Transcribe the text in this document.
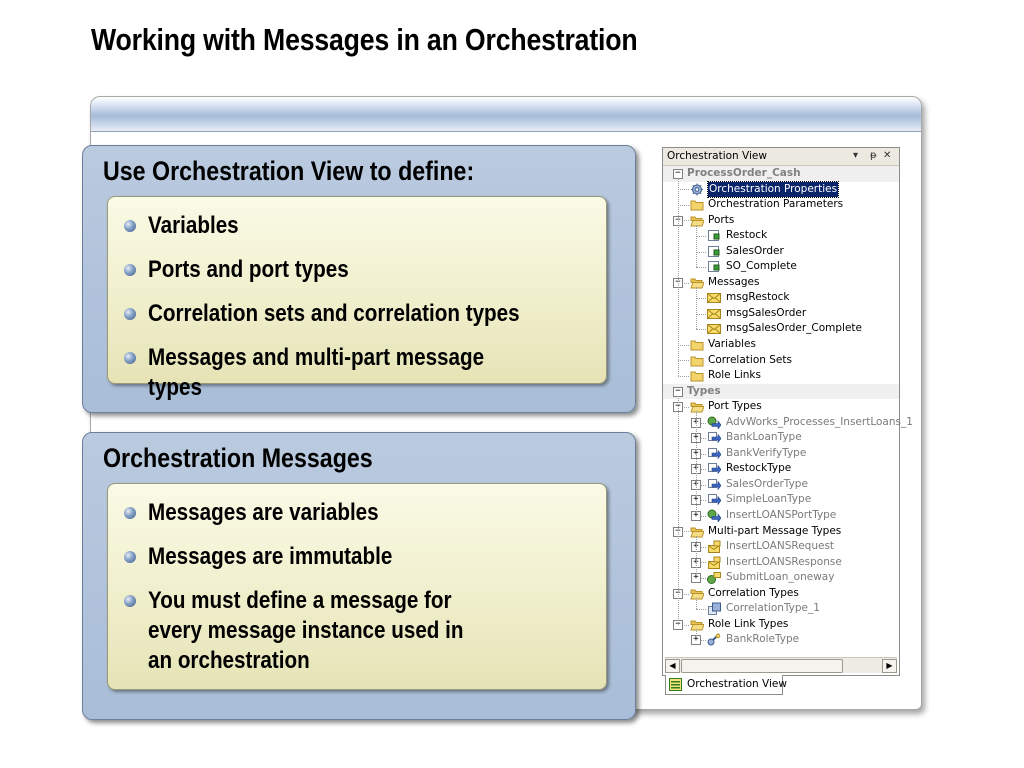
Working with Messages in an Orchestration
Use Orchestration View to define:
Variables
Ports and port types
Correlation sets and correlation types
Messages and multi-part message types
Orchestration Messages
Messages are variables
Messages are immutable
You must define a message for
every message instance used in
an orchestration
Orchestration View	▾ ᵽ ✕
− ProcessOrder_Cash
Orchestration Properties
Orchestration Parameters
−	Ports
Restock
SalesOrder
SO_Complete
−	Messages
msgRestock
msgSalesOrder
msgSalesOrder_Complete
Variables
Correlation Sets
Role Links
− Types
−	Port Types
+	AdvWorks_Processes_InsertLoans_1
+	BankLoanType
+	BankVerifyType
+	RestockType
+	SalesOrderType
+	SimpleLoanType
+	InsertLOANSPortType
−	Multi-part Message Types
+	InsertLOANSRequest
+	InsertLOANSResponse
+	SubmitLoan_oneway
−	Correlation Types
CorrelationType_1
−	Role Link Types
+	BankRoleType
◀	▶
Orchestration View
